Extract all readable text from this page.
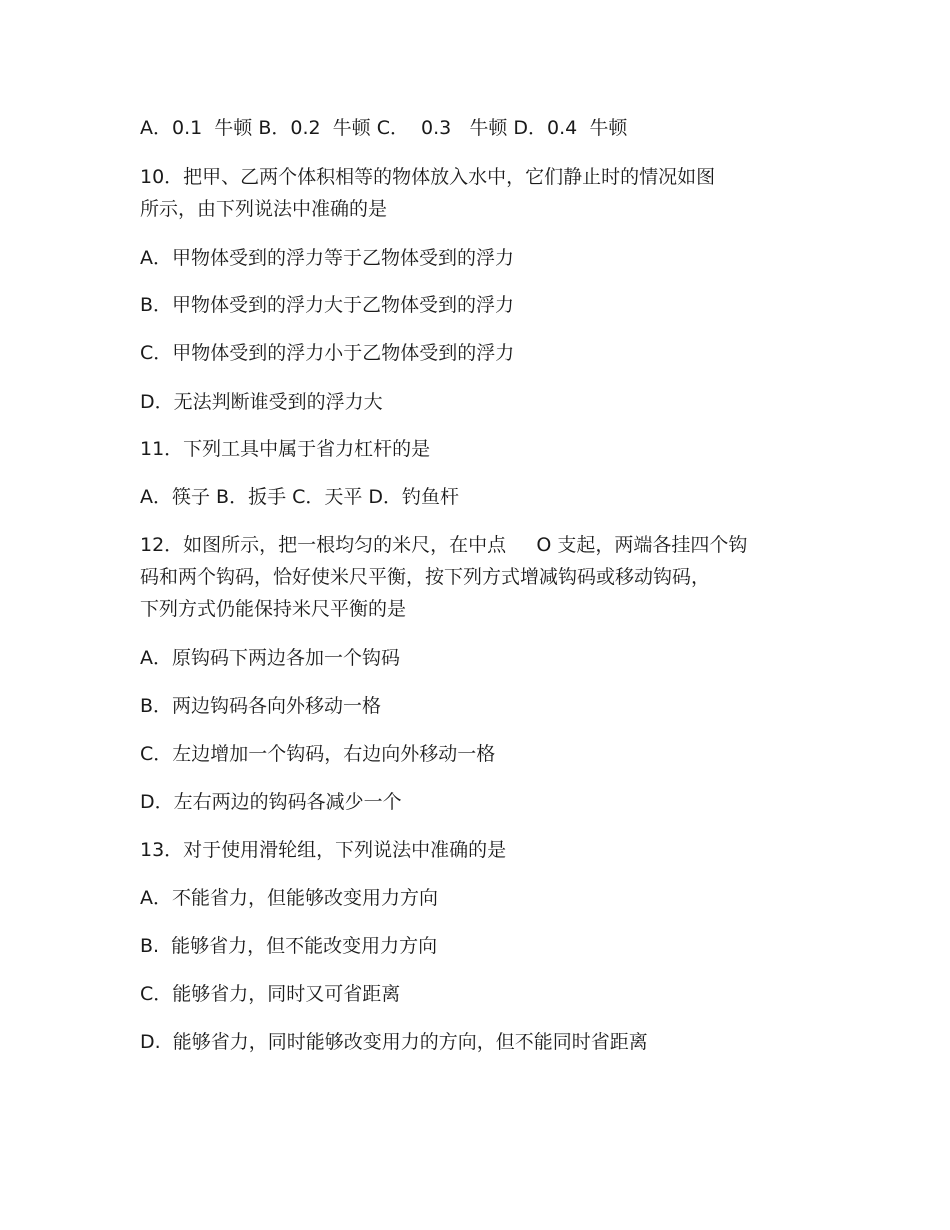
A．0.1  牛顿 B．0.2  牛顿 C．  0.3   牛顿 D．0.4  牛顿
10．把甲、乙两个体积相等的物体放入水中，它们静止时的情况如图
所示，由下列说法中准确的是
A．甲物体受到的浮力等于乙物体受到的浮力
B．甲物体受到的浮力大于乙物体受到的浮力
C．甲物体受到的浮力小于乙物体受到的浮力
D．无法判断谁受到的浮力大
11．下列工具中属于省力杠杆的是
A．筷子 B．扳手 C．天平 D．钓鱼杆
12．如图所示，把一根均匀的米尺，在中点     O 支起，两端各挂四个钩
码和两个钩码，恰好使米尺平衡，按下列方式增减钩码或移动钩码，
下列方式仍能保持米尺平衡的是
A．原钩码下两边各加一个钩码
B．两边钩码各向外移动一格
C．左边增加一个钩码，右边向外移动一格
D．左右两边的钩码各减少一个
13．对于使用滑轮组，下列说法中准确的是
A．不能省力，但能够改变用力方向
B.  能够省力，但不能改变用力方向
C．能够省力，同时又可省距离
D.  能够省力，同时能够改变用力的方向，但不能同时省距离
